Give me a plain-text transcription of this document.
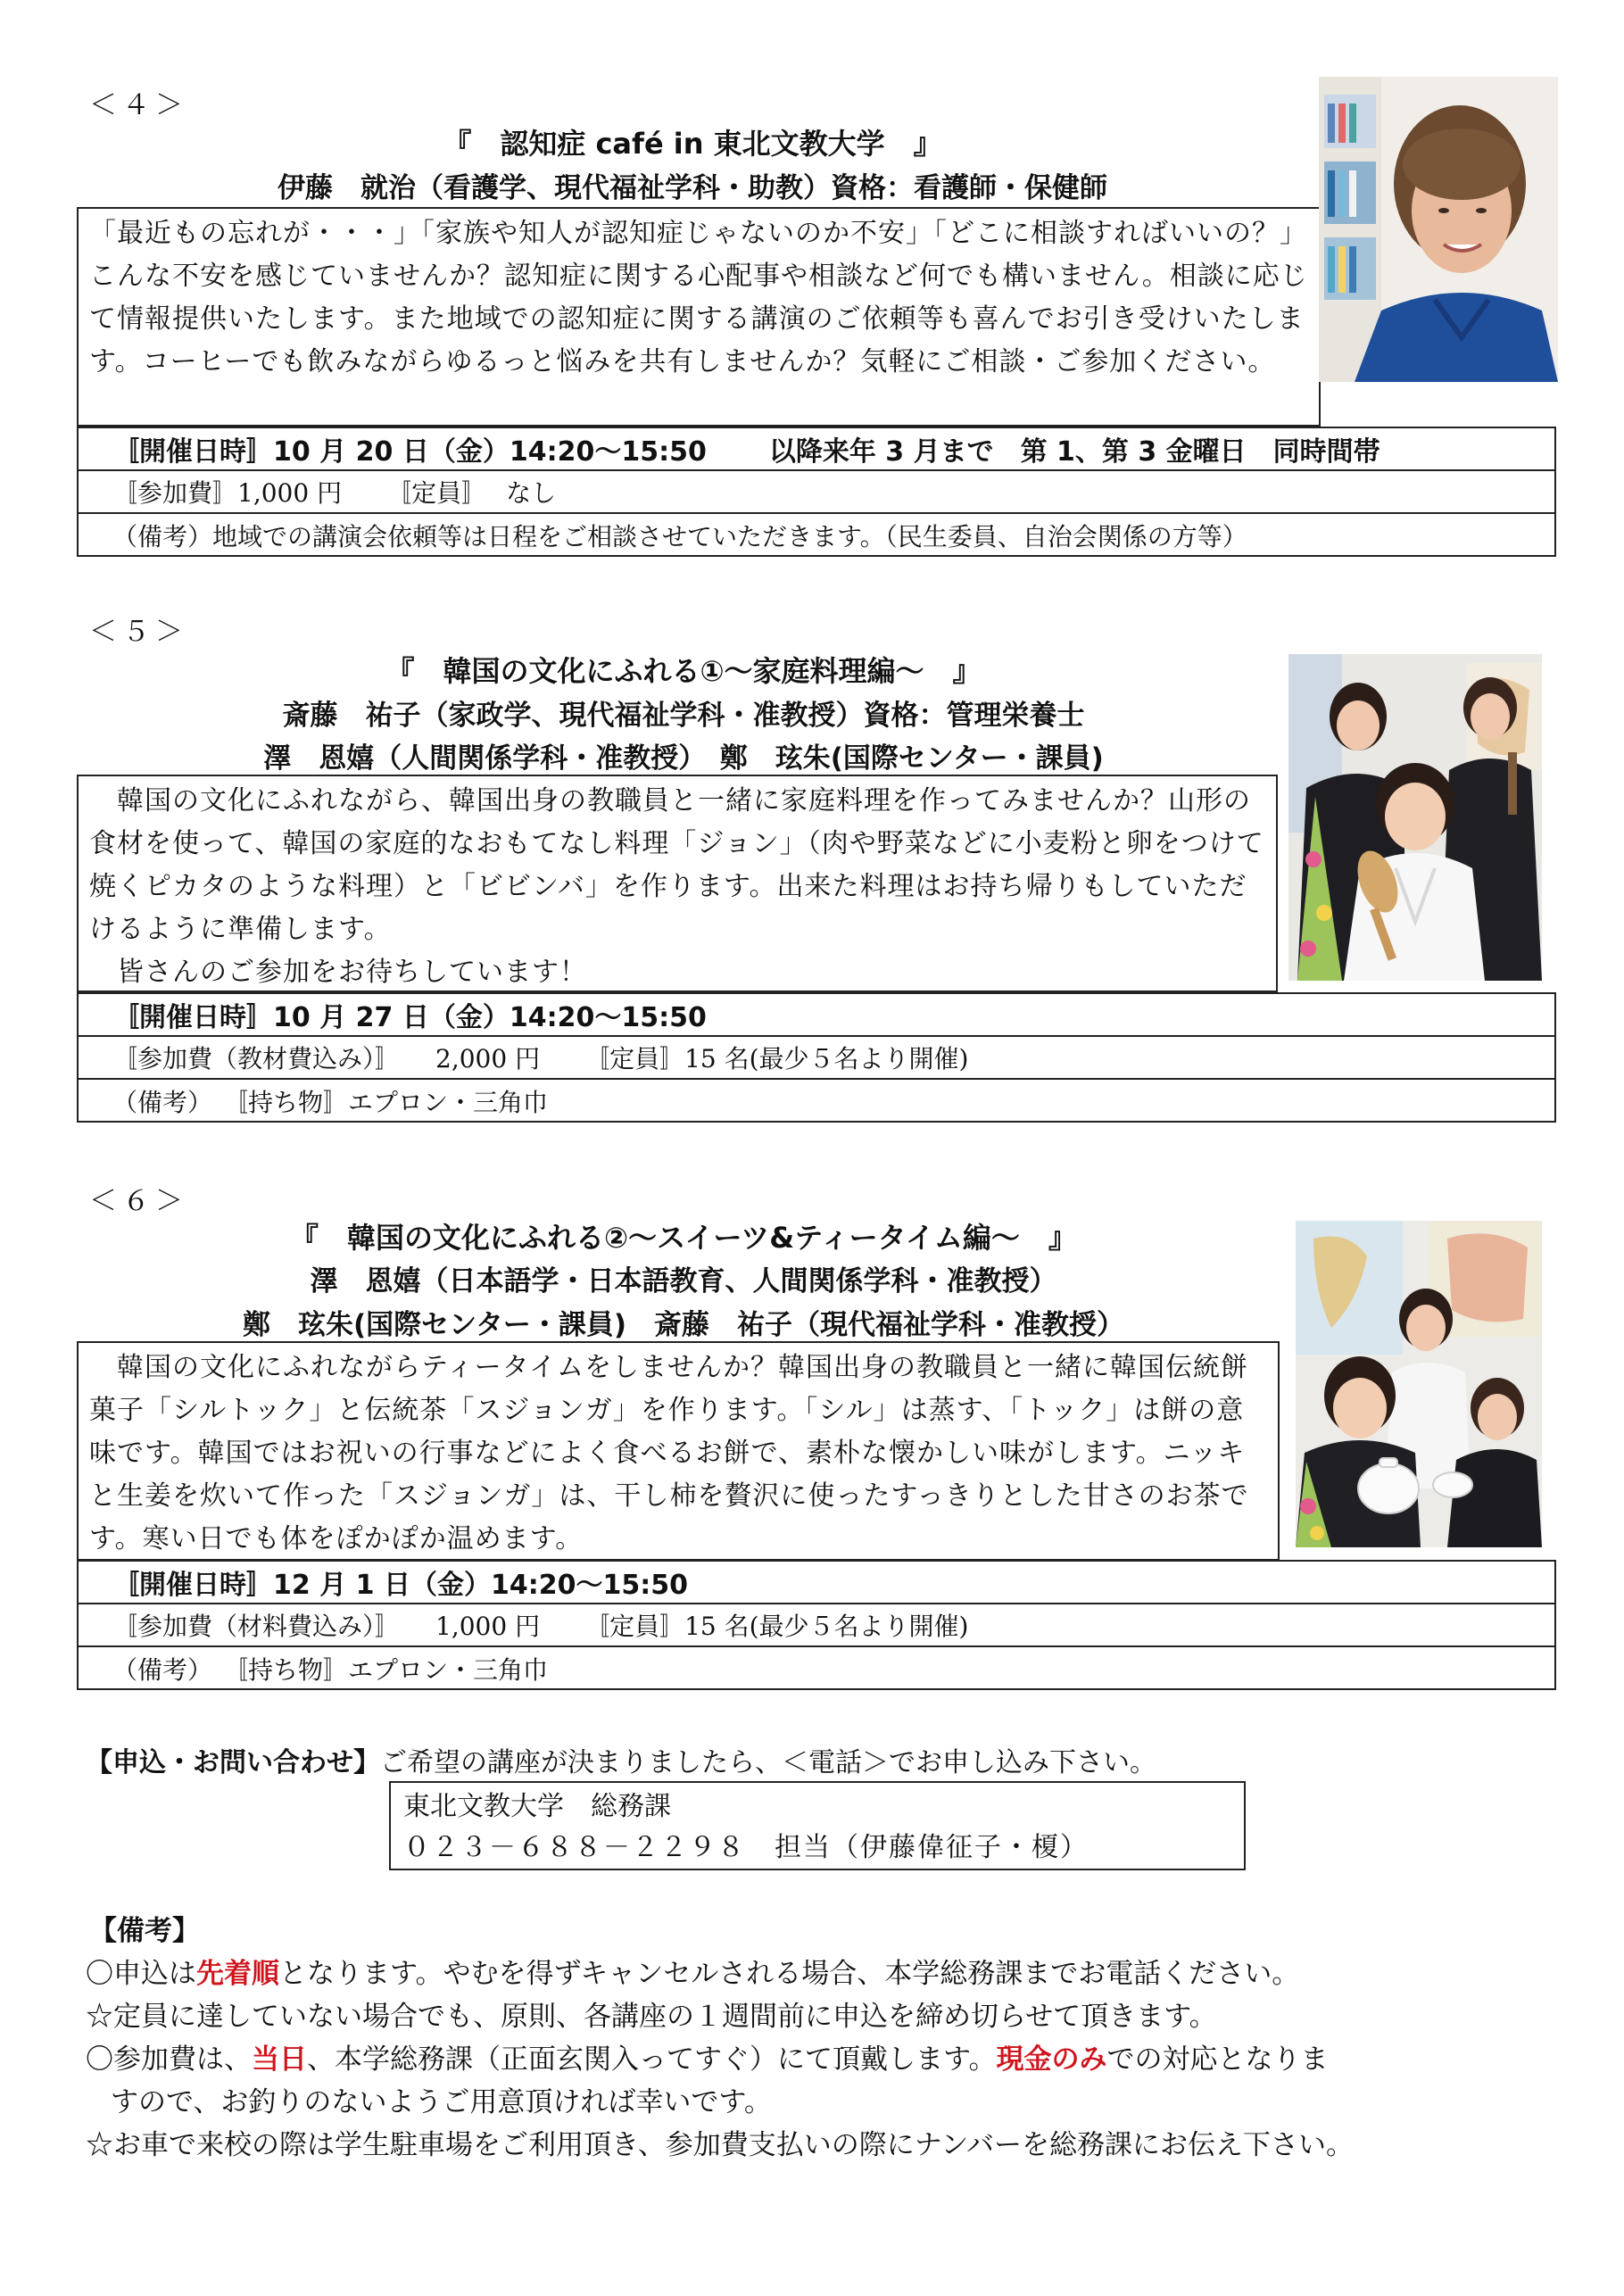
＜４＞
『　認知症 café in 東北文教大学　』
伊藤　就治（看護学、現代福祉学科・助教）資格：看護師・保健師
「最近もの忘れが・・・」「家族や知人が認知症じゃないのか不安」「どこに相談すればいいの？」こんな不安を感じていませんか？認知症に関する心配事や相談など何でも構いません。相談に応じて情報提供いたします。また地域での認知症に関する講演のご依頼等も喜んでお引き受けいたします。コーヒーでも飲みながらゆるっと悩みを共有しませんか？気軽にご相談・ご参加ください。
〚開催日時〛 10 月 20 日（金）14:20～15:50 以降来年 3 月まで　第 1、第 3 金曜日　同時間帯
〚参加費〛 1,000 円 〚定員〛 なし
（備考）地域での講演会依頼等は日程をご相談させていただきます。（民生委員、自治会関係の方等）
＜５＞
『　韓国の文化にふれる①～家庭料理編～　』
斎藤　祐子（家政学、現代福祉学科・准教授）資格：管理栄養士
澤　恩嬉（人間関係学科・准教授）　鄭　玹朱(国際センター・課員)
　韓国の文化にふれながら、韓国出身の教職員と一緒に家庭料理を作ってみませんか？山形の食材を使って、韓国の家庭的なおもてなし料理「ジョン」（肉や野菜などに小麦粉と卵をつけて焼くピカタのような料理）と「ビビンバ」を作ります。出来た料理はお持ち帰りもしていただけるように準備します。
　皆さんのご参加をお待ちしています！
〚開催日時〛 10 月 27 日（金）14:20～15:50
〚参加費（教材費込み）〛 2,000 円 〚定員〛 15 名(最少５名より開催)
（備考） 〚持ち物〛エプロン・三角巾
＜６＞
『　韓国の文化にふれる②～スイーツ&ティータイム編～　』
澤　恩嬉（日本語学・日本語教育、人間関係学科・准教授）
鄭　玹朱(国際センター・課員)　斎藤　祐子（現代福祉学科・准教授）
　韓国の文化にふれながらティータイムをしませんか？韓国出身の教職員と一緒に韓国伝統餅菓子「シルトック」と伝統茶「スジョンガ」を作ります。「シル」は蒸す、「トック」は餅の意味です。韓国ではお祝いの行事などによく食べるお餅で、素朴な懐かしい味がします。ニッキと生姜を炊いて作った「スジョンガ」は、干し柿を贅沢に使ったすっきりとした甘さのお茶です。寒い日でも体をぽかぽか温めます。
〚開催日時〛 12 月 1 日（金）14:20～15:50
〚参加費（材料費込み）〛 1,000 円 〚定員〛 15 名(最少５名より開催)
（備考） 〚持ち物〛エプロン・三角巾
【申込・お問い合わせ】ご希望の講座が決まりましたら、＜電話＞でお申し込み下さい。
東北文教大学　総務課
０２３－６８８－２２９８　担当（伊藤偉征子・榎）
【備考】
〇申込は先着順となります。やむを得ずキャンセルされる場合、本学総務課までお電話ください。
☆定員に達していない場合でも、原則、各講座の１週間前に申込を締め切らせて頂きます。
〇参加費は、当日、本学総務課（正面玄関入ってすぐ）にて頂戴します。現金のみでの対応となりま
すので、お釣りのないようご用意頂ければ幸いです。
☆お車で来校の際は学生駐車場をご利用頂き、参加費支払いの際にナンバーを総務課にお伝え下さい。
